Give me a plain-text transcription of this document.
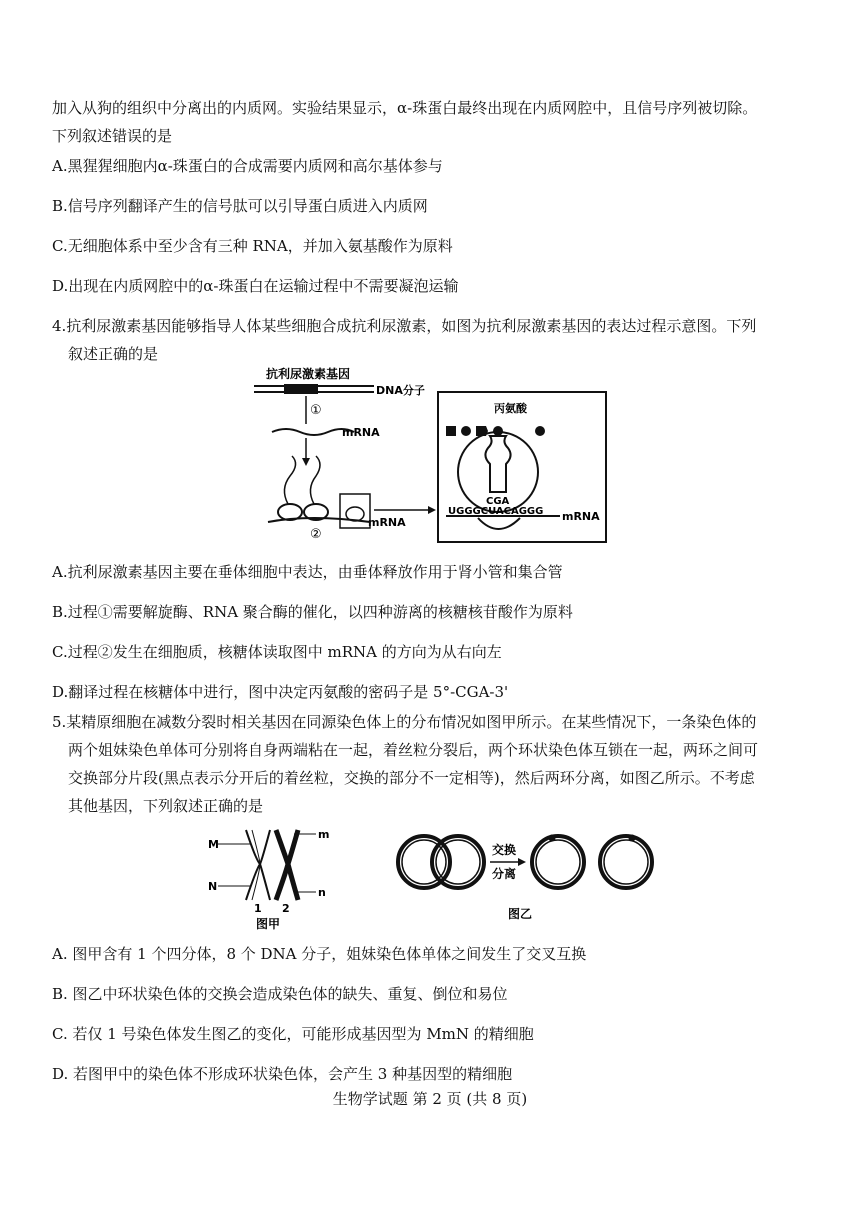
加入从狗的组织中分离出的内质网。实验结果显示，α-珠蛋白最终出现在内质网腔中，且信号序列被切除。
下列叙述错误的是
A.黑猩猩细胞内α-珠蛋白的合成需要内质网和高尔基体参与
B.信号序列翻译产生的信号肽可以引导蛋白质进入内质网
C.无细胞体系中至少含有三种 RNA，并加入氨基酸作为原料
D.出现在内质网腔中的α-珠蛋白在运输过程中不需要凝泡运输
4.抗利尿激素基因能够指导人体某些细胞合成抗利尿激素，如图为抗利尿激素基因的表达过程示意图。下列
叙述正确的是
抗利尿激素基因
DNA分子
①
mRNA
mRNA
②
丙氨酸
CGA
UGGGCUACAGGG mRNA
A.抗利尿激素基因主要在垂体细胞中表达，由垂体释放作用于肾小管和集合管
B.过程①需要解旋酶、RNA 聚合酶的催化，以四种游离的核糖核苷酸作为原料
C.过程②发生在细胞质，核糖体读取图中 mRNA 的方向为从右向左
D.翻译过程在核糖体中进行，图中决定丙氨酸的密码子是 5°-CGA-3'
5.某精原细胞在减数分裂时相关基因在同源染色体上的分布情况如图甲所示。在某些情况下，一条染色体的
两个姐妹染色单体可分别将自身两端粘在一起，着丝粒分裂后，两个环状染色体互锁在一起，两环之间可
交换部分片段(黑点表示分开后的着丝粒，交换的部分不一定相等)，然后两环分离，如图乙所示。不考虑
其他基因，下列叙述正确的是
M
N
m
n
1 2
图甲
交换
分离
图乙
A. 图甲含有 1 个四分体，8 个 DNA 分子，姐妹染色体单体之间发生了交叉互换
B. 图乙中环状染色体的交换会造成染色体的缺失、重复、倒位和易位
C. 若仅 1 号染色体发生图乙的变化，可能形成基因型为 MmN 的精细胞
D. 若图甲中的染色体不形成环状染色体，会产生 3 种基因型的精细胞
生物学试题 第 2 页 (共 8 页)
